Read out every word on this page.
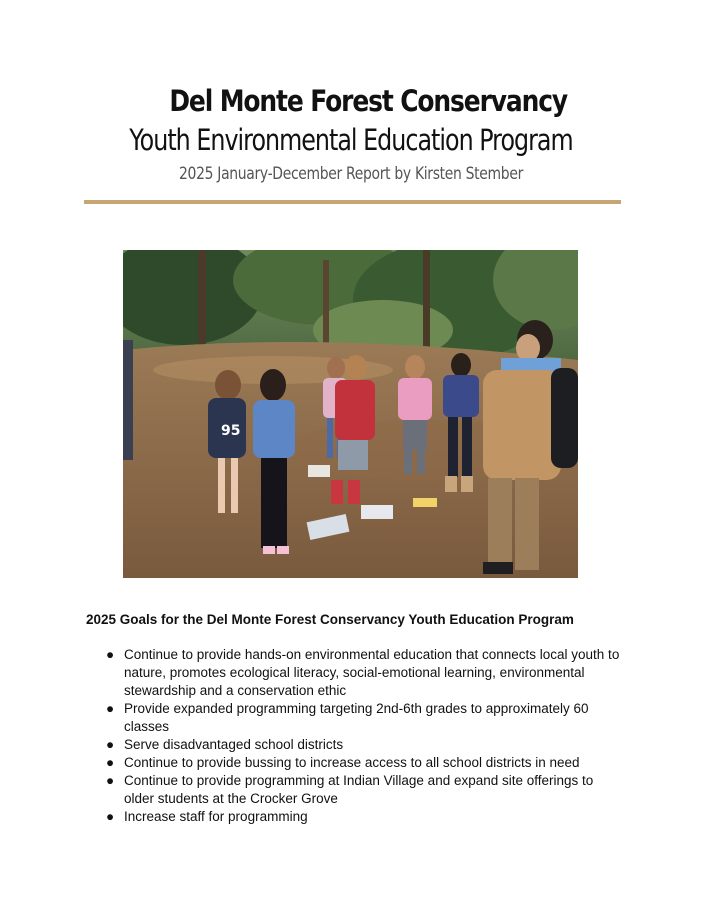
Del Monte Forest Conservancy
Youth Environmental Education Program
2025 January-December Report by Kirsten Stember
95
2025 Goals for the Del Monte Forest Conservancy Youth Education Program
● Continue to provide hands-on environmental education that connects local youth to nature, promotes ecological literacy, social-emotional learning, environmental stewardship and a conservation ethic
● Provide expanded programming targeting 2nd-6th grades to approximately 60 classes
● Serve disadvantaged school districts
● Continue to provide bussing to increase access to all school districts in need
● Continue to provide programming at Indian Village and expand site offerings to older students at the Crocker Grove
● Increase staff for programming
